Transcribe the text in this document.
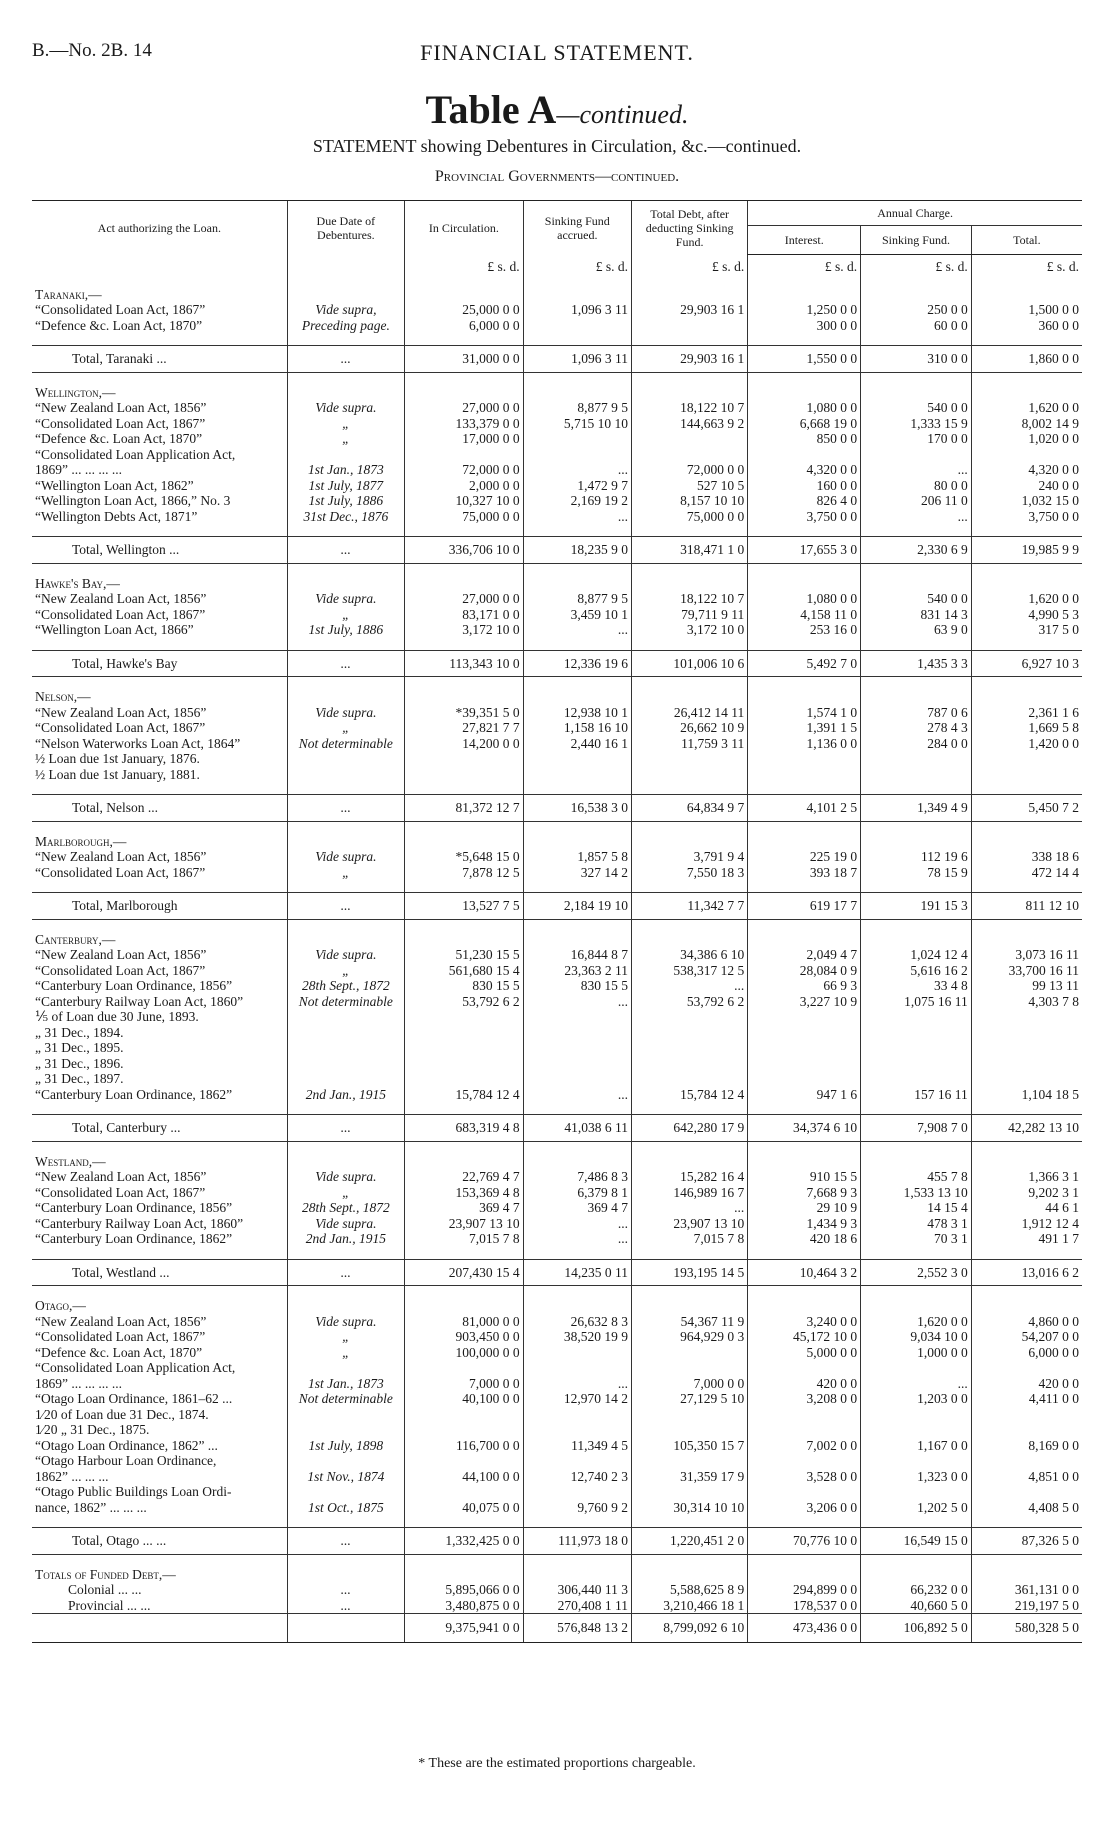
B.—No. 2B. 14	FINANCIAL STATEMENT.
Table A—continued.
STATEMENT showing Debentures in Circulation, &c.—continued.
Provincial Governments—continued.
Act authorizing the Loan.	Due Date of Debentures.	In Circulation.	Sinking Fund accrued.	Total Debt, after deducting Sinking Fund.	Annual Charge.		
					Interest.	Sinking Fund.	Total.
		£ s. d.	£ s. d.	£ s. d.	£ s. d.	£ s. d.	£ s. d.
Taranaki,—							
“Consolidated Loan Act, 1867”	Vide supra,	25,000 0 0	1,096 3 11	29,903 16 1	1,250 0 0	250 0 0	1,500 0 0
“Defence &c. Loan Act, 1870”	Preceding page.	6,000 0 0			300 0 0	60 0 0	360 0 0

Total, Taranaki ...	...	31,000 0 0	1,096 3 11	29,903 16 1	1,550 0 0	310 0 0	1,860 0 0
Wellington,—							
“New Zealand Loan Act, 1856”	Vide supra.	27,000 0 0	8,877 9 5	18,122 10 7	1,080 0 0	540 0 0	1,620 0 0
“Consolidated Loan Act, 1867”	„	133,379 0 0	5,715 10 10	144,663 9 2	6,668 19 0	1,333 15 9	8,002 14 9
“Defence &c. Loan Act, 1870”	„	17,000 0 0			850 0 0	170 0 0	1,020 0 0
“Consolidated Loan Application Act,							
1869” ... ... ... ...	1st Jan., 1873	72,000 0 0	...	72,000 0 0	4,320 0 0	...	4,320 0 0
“Wellington Loan Act, 1862”	1st July, 1877	2,000 0 0	1,472 9 7	527 10 5	160 0 0	80 0 0	240 0 0
“Wellington Loan Act, 1866,” No. 3	1st July, 1886	10,327 10 0	2,169 19 2	8,157 10 10	826 4 0	206 11 0	1,032 15 0
“Wellington Debts Act, 1871”	31st Dec., 1876	75,000 0 0	...	75,000 0 0	3,750 0 0	...	3,750 0 0

Total, Wellington ...	...	336,706 10 0	18,235 9 0	318,471 1 0	17,655 3 0	2,330 6 9	19,985 9 9
Hawke's Bay,—							
“New Zealand Loan Act, 1856”	Vide supra.	27,000 0 0	8,877 9 5	18,122 10 7	1,080 0 0	540 0 0	1,620 0 0
“Consolidated Loan Act, 1867”	„	83,171 0 0	3,459 10 1	79,711 9 11	4,158 11 0	831 14 3	4,990 5 3
“Wellington Loan Act, 1866”	1st July, 1886	3,172 10 0	...	3,172 10 0	253 16 0	63 9 0	317 5 0

Total, Hawke's Bay	...	113,343 10 0	12,336 19 6	101,006 10 6	5,492 7 0	1,435 3 3	6,927 10 3
Nelson,—							
“New Zealand Loan Act, 1856”	Vide supra.	*39,351 5 0	12,938 10 1	26,412 14 11	1,574 1 0	787 0 6	2,361 1 6
“Consolidated Loan Act, 1867”	„	27,821 7 7	1,158 16 10	26,662 10 9	1,391 1 5	278 4 3	1,669 5 8
“Nelson Waterworks Loan Act, 1864”	Not determinable	14,200 0 0	2,440 16 1	11,759 3 11	1,136 0 0	284 0 0	1,420 0 0
½ Loan due 1st January, 1876.							
½ Loan due 1st January, 1881.							

Total, Nelson ...	...	81,372 12 7	16,538 3 0	64,834 9 7	4,101 2 5	1,349 4 9	5,450 7 2
Marlborough,—							
“New Zealand Loan Act, 1856”	Vide supra.	*5,648 15 0	1,857 5 8	3,791 9 4	225 19 0	112 19 6	338 18 6
“Consolidated Loan Act, 1867”	„	7,878 12 5	327 14 2	7,550 18 3	393 18 7	78 15 9	472 14 4

Total, Marlborough	...	13,527 7 5	2,184 19 10	11,342 7 7	619 17 7	191 15 3	811 12 10
Canterbury,—							
“New Zealand Loan Act, 1856”	Vide supra.	51,230 15 5	16,844 8 7	34,386 6 10	2,049 4 7	1,024 12 4	3,073 16 11
“Consolidated Loan Act, 1867”	„	561,680 15 4	23,363 2 11	538,317 12 5	28,084 0 9	5,616 16 2	33,700 16 11
“Canterbury Loan Ordinance, 1856”	28th Sept., 1872	830 15 5	830 15 5	...	66 9 3	33 4 8	99 13 11
“Canterbury Railway Loan Act, 1860”	Not determinable	53,792 6 2	...	53,792 6 2	3,227 10 9	1,075 16 11	4,303 7 8
⅕ of Loan due 30 June, 1893.							
„ 31 Dec., 1894.							
„ 31 Dec., 1895.							
„ 31 Dec., 1896.							
„ 31 Dec., 1897.							
“Canterbury Loan Ordinance, 1862”	2nd Jan., 1915	15,784 12 4	...	15,784 12 4	947 1 6	157 16 11	1,104 18 5

Total, Canterbury ...	...	683,319 4 8	41,038 6 11	642,280 17 9	34,374 6 10	7,908 7 0	42,282 13 10
Westland,—							
“New Zealand Loan Act, 1856”	Vide supra.	22,769 4 7	7,486 8 3	15,282 16 4	910 15 5	455 7 8	1,366 3 1
“Consolidated Loan Act, 1867”	„	153,369 4 8	6,379 8 1	146,989 16 7	7,668 9 3	1,533 13 10	9,202 3 1
“Canterbury Loan Ordinance, 1856”	28th Sept., 1872	369 4 7	369 4 7	...	29 10 9	14 15 4	44 6 1
“Canterbury Railway Loan Act, 1860”	Vide supra.	23,907 13 10	...	23,907 13 10	1,434 9 3	478 3 1	1,912 12 4
“Canterbury Loan Ordinance, 1862”	2nd Jan., 1915	7,015 7 8	...	7,015 7 8	420 18 6	70 3 1	491 1 7

Total, Westland ...	...	207,430 15 4	14,235 0 11	193,195 14 5	10,464 3 2	2,552 3 0	13,016 6 2
Otago,—							
“New Zealand Loan Act, 1856”	Vide supra.	81,000 0 0	26,632 8 3	54,367 11 9	3,240 0 0	1,620 0 0	4,860 0 0
“Consolidated Loan Act, 1867”	„	903,450 0 0	38,520 19 9	964,929 0 3	45,172 10 0	9,034 10 0	54,207 0 0
“Defence &c. Loan Act, 1870”	„	100,000 0 0			5,000 0 0	1,000 0 0	6,000 0 0
“Consolidated Loan Application Act,							
1869” ... ... ... ...	1st Jan., 1873	7,000 0 0	...	7,000 0 0	420 0 0	...	420 0 0
“Otago Loan Ordinance, 1861–62 ...	Not determinable	40,100 0 0	12,970 14 2	27,129 5 10	3,208 0 0	1,203 0 0	4,411 0 0
1⁄20 of Loan due 31 Dec., 1874.							
1⁄20 „ 31 Dec., 1875.							
“Otago Loan Ordinance, 1862” ...	1st July, 1898	116,700 0 0	11,349 4 5	105,350 15 7	7,002 0 0	1,167 0 0	8,169 0 0
“Otago Harbour Loan Ordinance,							
1862” ... ... ...	1st Nov., 1874	44,100 0 0	12,740 2 3	31,359 17 9	3,528 0 0	1,323 0 0	4,851 0 0
“Otago Public Buildings Loan Ordi-							
nance, 1862” ... ... ...	1st Oct., 1875	40,075 0 0	9,760 9 2	30,314 10 10	3,206 0 0	1,202 5 0	4,408 5 0

Total, Otago ... ...	...	1,332,425 0 0	111,973 18 0	1,220,451 2 0	70,776 10 0	16,549 15 0	87,326 5 0
Totals of Funded Debt,—							
Colonial ... ...	...	5,895,066 0 0	306,440 11 3	5,588,625 8 9	294,899 0 0	66,232 0 0	361,131 0 0
Provincial ... ...	...	3,480,875 0 0	270,408 1 11	3,210,466 18 1	178,537 0 0	40,660 5 0	219,197 5 0
		9,375,941 0 0	576,848 13 2	8,799,092 6 10	473,436 0 0	106,892 5 0	580,328 5 0
* These are the estimated proportions chargeable.
